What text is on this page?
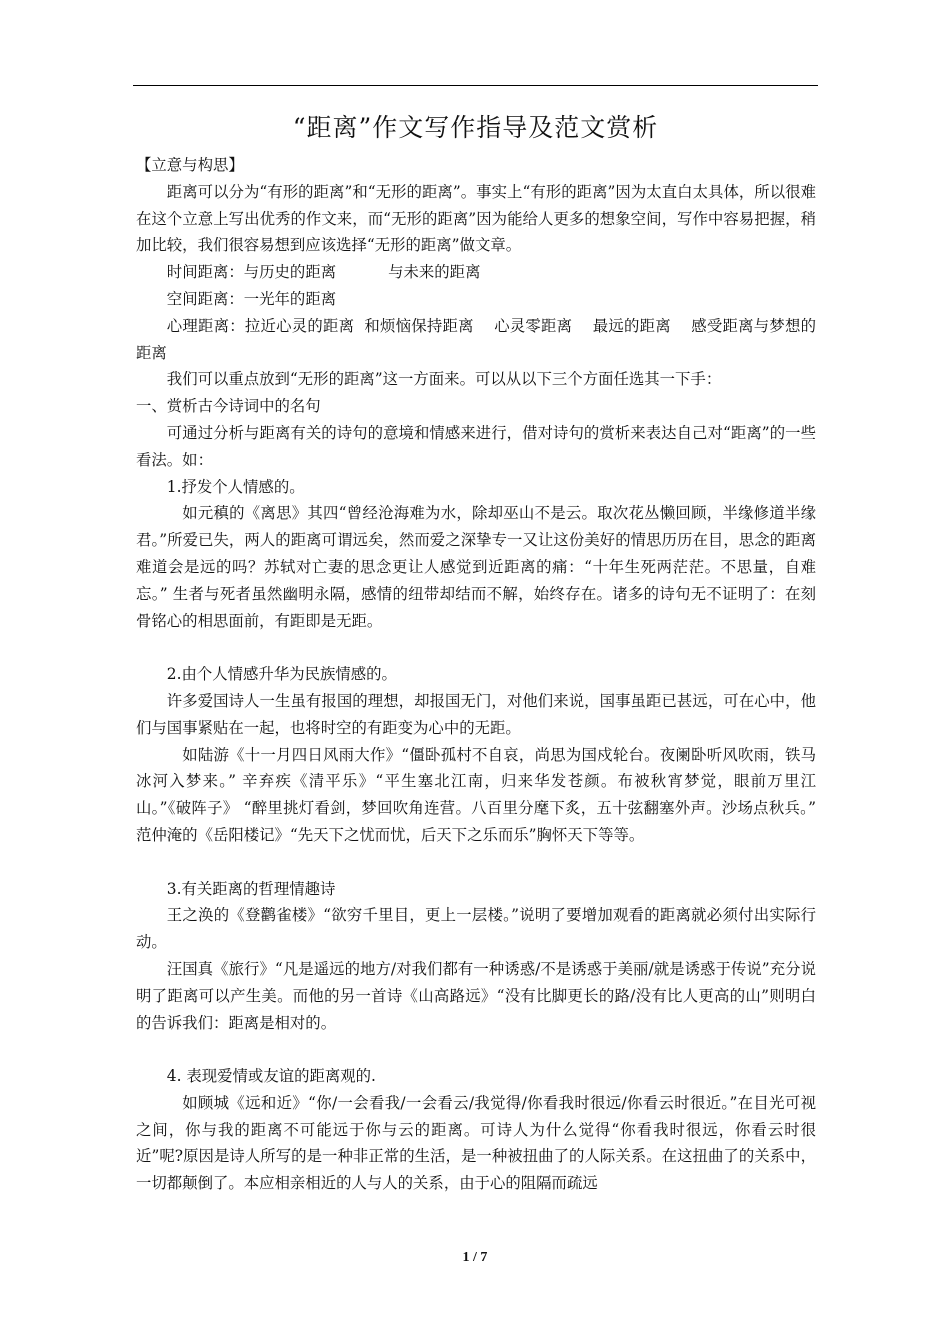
“距离”作文写作指导及范文赏析

【立意与构思】

距离可以分为“有形的距离”和“无形的距离”。事实上“有形的距离”因为太直白太具体，所以很难在这个立意上写出优秀的作文来，而“无形的距离”因为能给人更多的想象空间，写作中容易把握，稍加比较，我们很容易想到应该选择“无形的距离”做文章。

时间距离：与历史的距离	与未来的距离

空间距离：一光年的距离

心理距离：拉近心灵的距离  和烦恼保持距离    心灵零距离    最远的距离    感受距离与梦想的距离

我们可以重点放到“无形的距离”这一方面来。可以从以下三个方面任选其一下手：

一、赏析古今诗词中的名句

可通过分析与距离有关的诗句的意境和情感来进行，借对诗句的赏析来表达自己对“距离”的一些看法。如：

1.抒发个人情感的。

如元稹的《离思》其四“曾经沧海难为水，除却巫山不是云。取次花丛懒回顾，半缘修道半缘君。”所爱已失，两人的距离可谓远矣，然而爱之深挚专一又让这份美好的情思历历在目，思念的距离难道会是远的吗？苏轼对亡妻的思念更让人感觉到近距离的痛：“十年生死两茫茫。不思量，自难忘。” 生者与死者虽然幽明永隔，感情的纽带却结而不解，始终存在。诸多的诗句无不证明了：在刻骨铭心的相思面前，有距即是无距。

2.由个人情感升华为民族情感的。

许多爱国诗人一生虽有报国的理想，却报国无门，对他们来说，国事虽距已甚远，可在心中，他们与国事紧贴在一起，也将时空的有距变为心中的无距。

如陆游《十一月四日风雨大作》“僵卧孤村不自哀，尚思为国戍轮台。夜阑卧听风吹雨，铁马冰河入梦来。” 辛弃疾《清平乐》“平生塞北江南，归来华发苍颜。布被秋宵梦觉，眼前万里江山。”《破阵子》 “醉里挑灯看剑，梦回吹角连营。八百里分麾下炙，五十弦翻塞外声。沙场点秋兵。” 范仲淹的《岳阳楼记》“先天下之忧而忧，后天下之乐而乐”胸怀天下等等。

3.有关距离的哲理情趣诗

王之涣的《登鹳雀楼》“欲穷千里目，更上一层楼。”说明了要增加观看的距离就必须付出实际行动。

汪国真《旅行》“凡是遥远的地方/对我们都有一种诱惑/不是诱惑于美丽/就是诱惑于传说”充分说明了距离可以产生美。而他的另一首诗《山高路远》“没有比脚更长的路/没有比人更高的山”则明白的告诉我们：距离是相对的。

4. 表现爱情或友谊的距离观的.

如顾城《远和近》“你/一会看我/一会看云/我觉得/你看我时很远/你看云时很近。”在目光可视之间，你与我的距离不可能远于你与云的距离。可诗人为什么觉得“你看我时很远，你看云时很近”呢?原因是诗人所写的是一种非正常的生活，是一种被扭曲了的人际关系。在这扭曲了的关系中，一切都颠倒了。本应相亲相近的人与人的关系，由于心的阻隔而疏远

1 / 7
